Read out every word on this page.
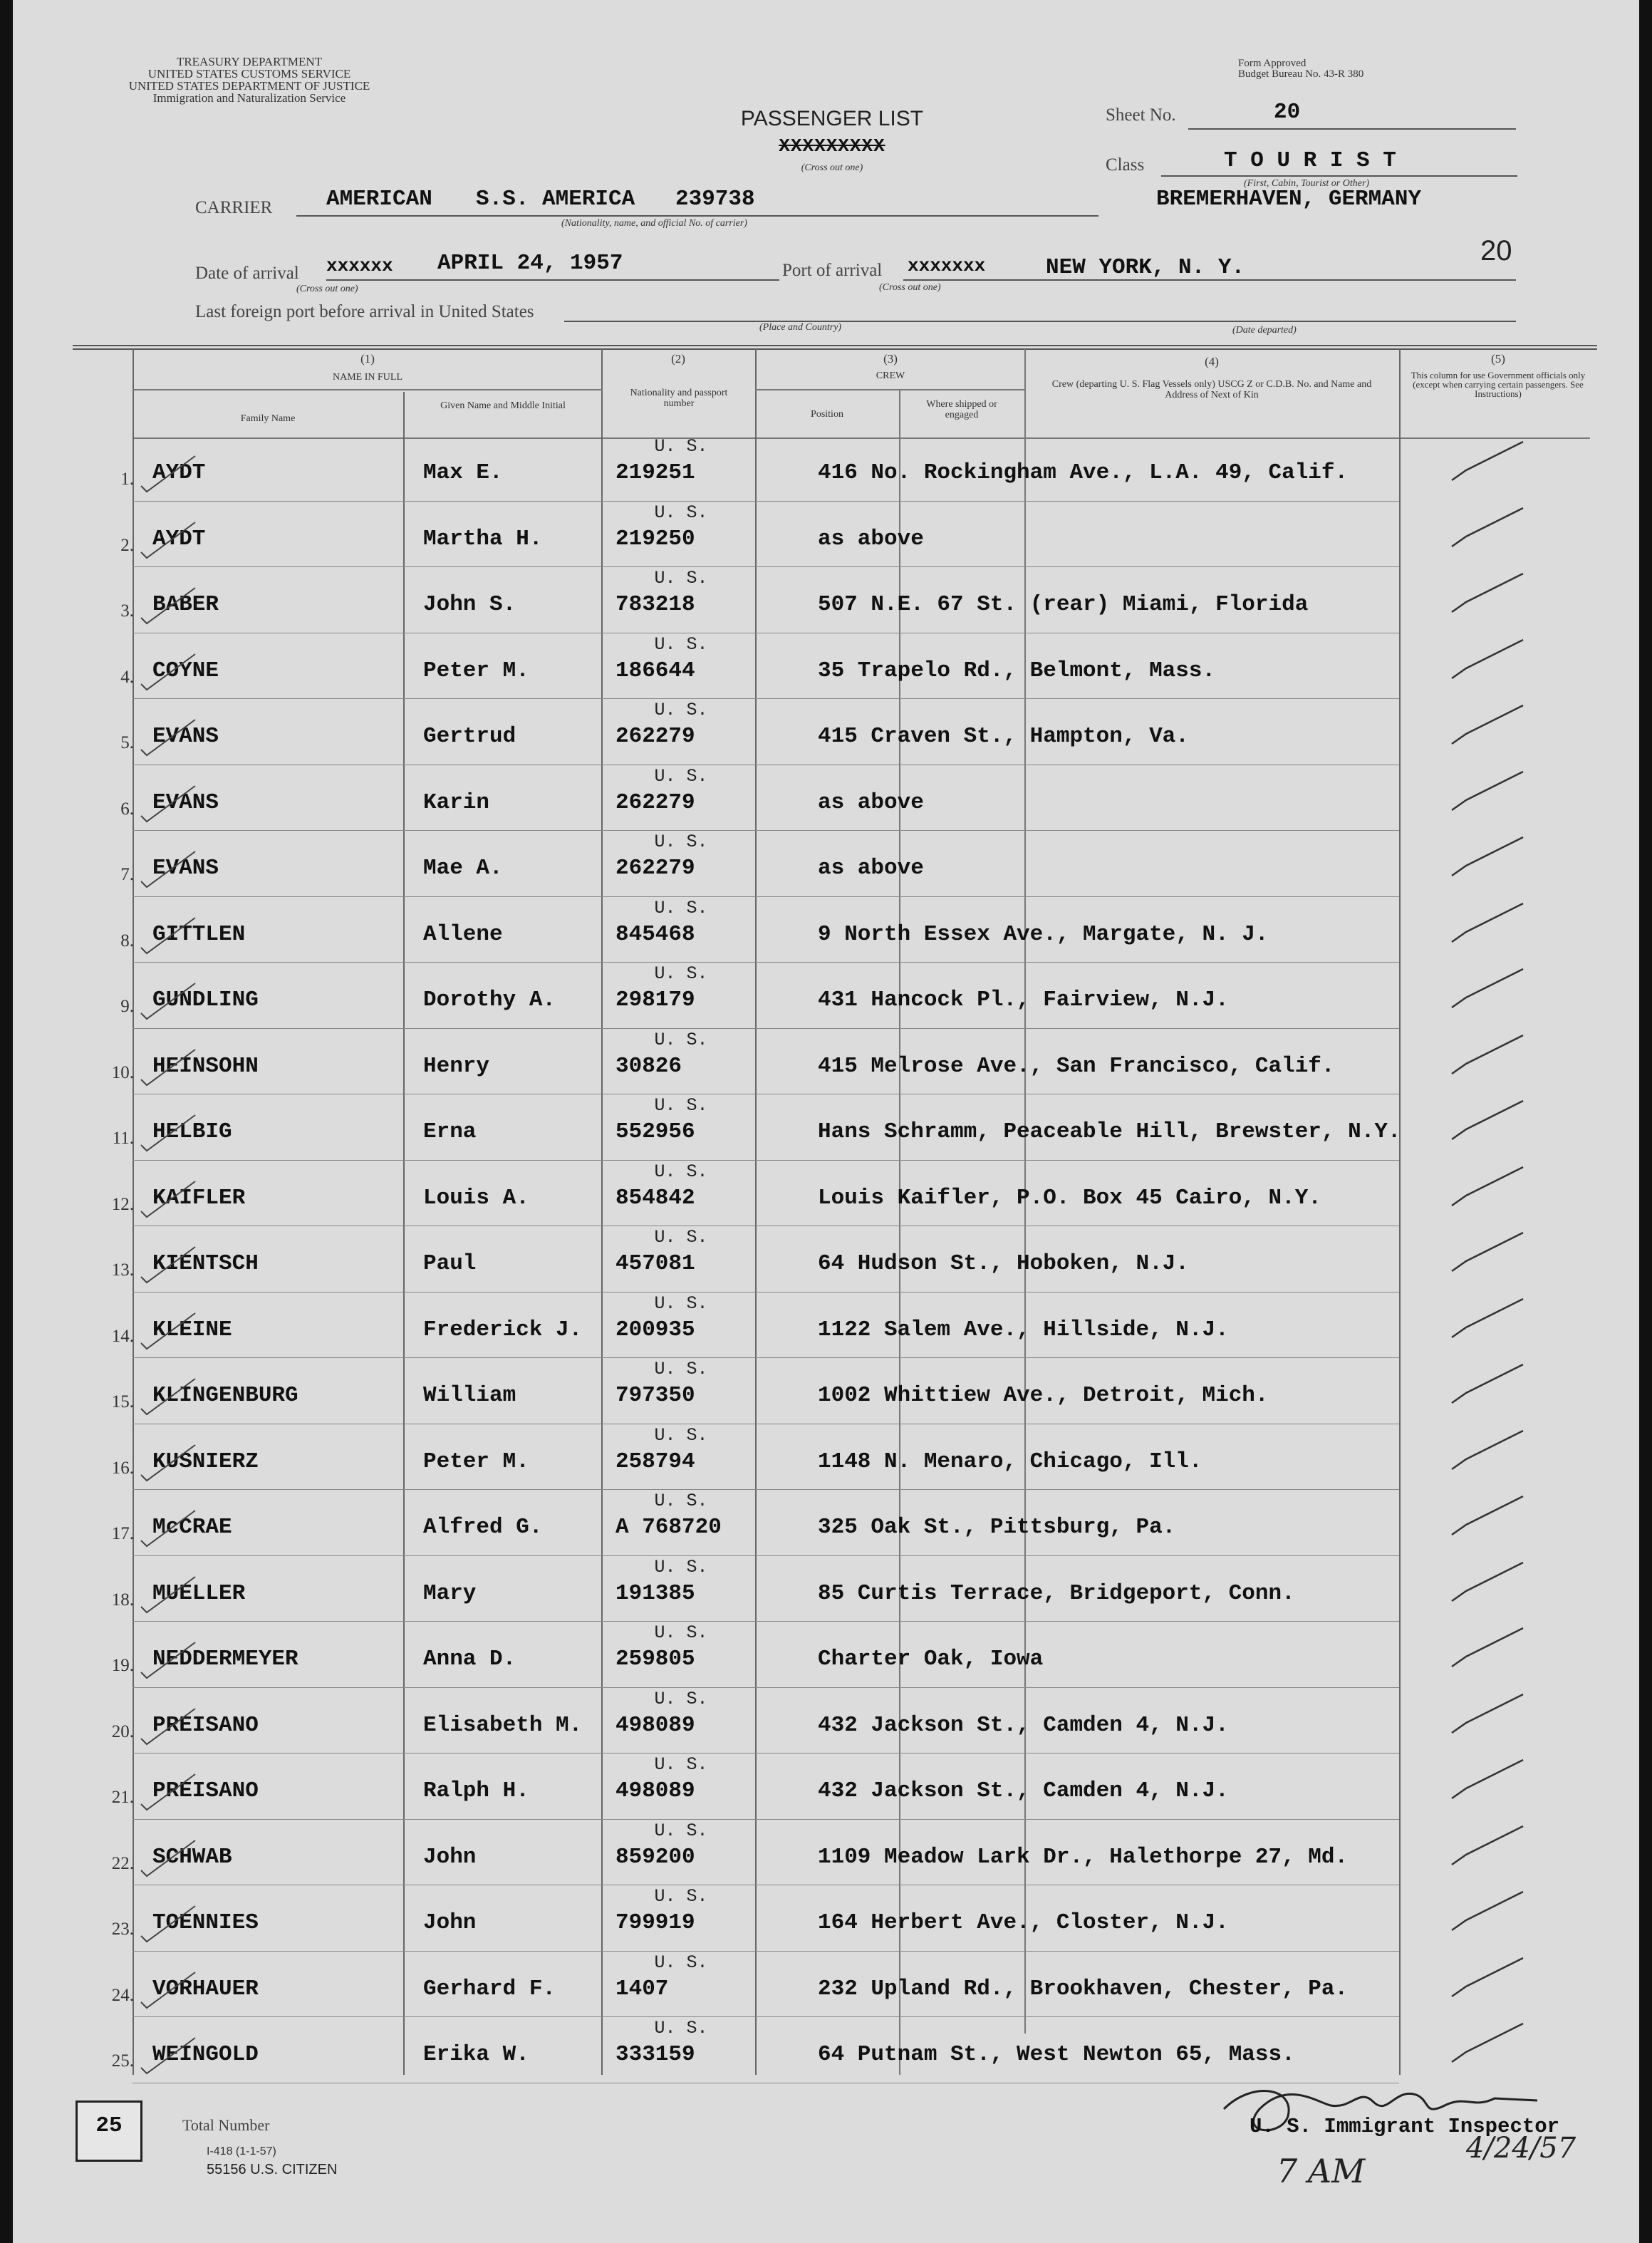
TREASURY DEPARTMENT
UNITED STATES CUSTOMS SERVICE
UNITED STATES DEPARTMENT OF JUSTICE
Immigration and Naturalization Service
Form Approved
Budget Bureau No. 43-R 380
PASSENGER LIST
XXXXXXXXX
(Cross out one)
Sheet No.	20
Class	T O U R I S T
(First, Cabin, Tourist or Other)
CARRIER AMERICAN S.S. AMERICA 239738
(Nationality, name, and official No. of carrier)
BREMERHAVEN, GERMANY
Date of arrival xxxxxx APRIL 24, 1957
(Cross out one)
Port of arrival xxxxxxx	NEW YORK, N. Y.
(Cross out one)
20
Last foreign port before arrival in United States
(Place and Country)	(Date departed)
(1)
NAME IN FULL
Family Name
Given Name and Middle Initial
(2)
Nationality and passport number
(3)
CREW
Position
Where shipped or engaged
(4)
Crew (departing U. S. Flag Vessels only) USCG Z or C.D.B. No. and Name and Address of Next of Kin
(5)
This column for use Government officials only (except when carrying certain passengers. See Instructions)
U. S.
1. AYDT	Max E.	219251	416 No. Rockingham Ave., L.A. 49, Calif.
U. S.
2. AYDT	Martha H.	219250	as above
U. S.
3. BABER	John S.	783218	507 N.E. 67 St. (rear) Miami, Florida
U. S.
4. COYNE	Peter M.	186644	35 Trapelo Rd., Belmont, Mass.
U. S.
5. EVANS	Gertrud	262279	415 Craven St., Hampton, Va.
U. S.
6. EVANS	Karin	262279	as above
U. S.
7. EVANS	Mae A.	262279	as above
U. S.
8. GITTLEN	Allene	845468	9 North Essex Ave., Margate, N. J.
U. S.
9. GUNDLING	Dorothy A.	298179	431 Hancock Pl., Fairview, N.J.
U. S.
10. HEINSOHN	Henry	30826	415 Melrose Ave., San Francisco, Calif.
U. S.
11. HELBIG	Erna	552956	Hans Schramm, Peaceable Hill, Brewster, N.Y.
U. S.
12. KAIFLER	Louis A.	854842	Louis Kaifler, P.O. Box 45 Cairo, N.Y.
U. S.
13. KIENTSCH	Paul	457081	64 Hudson St., Hoboken, N.J.
U. S.
14. KLEINE	Frederick J. 200935	1122 Salem Ave., Hillside, N.J.
U. S.
15. KLINGENBURG	William	797350	1002 Whittiew Ave., Detroit, Mich.
U. S.
16. KUSNIERZ	Peter M.	258794	1148 N. Menaro, Chicago, Ill.
U. S.
17. McCRAE	Alfred G.	A 768720	325 Oak St., Pittsburg, Pa.
U. S.
18. MUELLER	Mary	191385	85 Curtis Terrace, Bridgeport, Conn.
U. S.
19. NEDDERMEYER	Anna D.	259805	Charter Oak, Iowa
U. S.
20. PREISANO	Elisabeth M. 498089	432 Jackson St., Camden 4, N.J.
U. S.
21. PREISANO	Ralph H.	498089	432 Jackson St., Camden 4, N.J.
U. S.
22. SCHWAB	John	859200	1109 Meadow Lark Dr., Halethorpe 27, Md.
U. S.
23. TOENNIES	John	799919	164 Herbert Ave., Closter, N.J.
U. S.
24. VORHAUER	Gerhard F.	1407	232 Upland Rd., Brookhaven, Chester, Pa.
U. S.
25. WEINGOLD	Erika W.	333159	64 Putnam St., West Newton 65, Mass.
25	Total Number
I-418 (1-1-57)
55156 U.S. CITIZEN
U. S. Immigrant Inspector
7 AM
4/24/57
